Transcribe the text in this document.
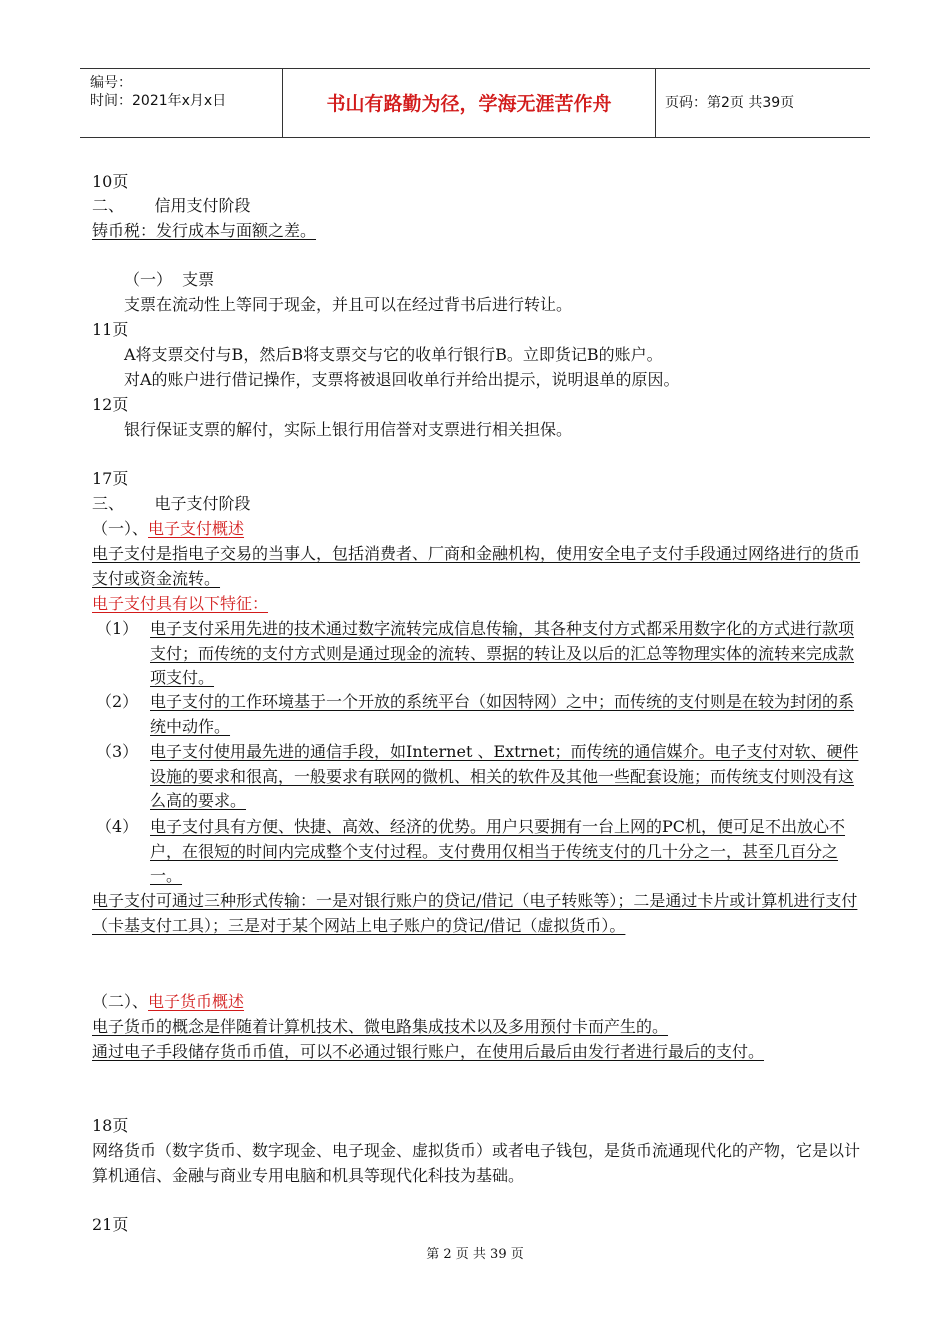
编号：
时间：2021年x月x日	页码：第2页 共39页
书山有路勤为径，学海无涯苦作舟
10页
二、      信用支付阶段
铸币税：发行成本与面额之差。
（一）  支票
支票在流动性上等同于现金，并且可以在经过背书后进行转让。
11页
A将支票交付与B，然后B将支票交与它的收单行银行B。立即货记B的账户。
对A的账户进行借记操作，支票将被退回收单行并给出提示，说明退单的原因。
12页
银行保证支票的解付，实际上银行用信誉对支票进行相关担保。
17页
三、      电子支付阶段
（一）、电子支付概述
电子支付是指电子交易的当事人，包括消费者、厂商和金融机构，使用安全电子支付手段通过网络进行的货币支付或资金流转。
电子支付具有以下特征：
（1） 电子支付采用先进的技术通过数字流转完成信息传输，其各种支付方式都采用数字化的方式进行款项支付；而传统的支付方式则是通过现金的流转、票据的转让及以后的汇总等物理实体的流转来完成款项支付。
（2） 电子支付的工作环境基于一个开放的系统平台（如因特网）之中；而传统的支付则是在较为封闭的系统中动作。
（3） 电子支付使用最先进的通信手段，如Internet 、Extrnet；而传统的通信媒介。电子支付对软、硬件设施的要求和很高，一般要求有联网的微机、相关的软件及其他一些配套设施；而传统支付则没有这么高的要求。
（4） 电子支付具有方便、快捷、高效、经济的优势。用户只要拥有一台上网的PC机，便可足不出放心不户，在很短的时间内完成整个支付过程。支付费用仅相当于传统支付的几十分之一，甚至几百分之一。
电子支付可通过三种形式传输：一是对银行账户的贷记/借记（电子转账等）；二是通过卡片或计算机进行支付（卡基支付工具）；三是对于某个网站上电子账户的贷记/借记（虚拟货币）。
（二）、电子货币概述
电子货币的概念是伴随着计算机技术、微电路集成技术以及多用预付卡而产生的。
通过电子手段储存货币币值，可以不必通过银行账户，在使用后最后由发行者进行最后的支付。
18页
网络货币（数字货币、数字现金、电子现金、虚拟货币）或者电子钱包，是货币流通现代化的产物，它是以计算机通信、金融与商业专用电脑和机具等现代化科技为基础。
21页
第 2 页 共 39 页
